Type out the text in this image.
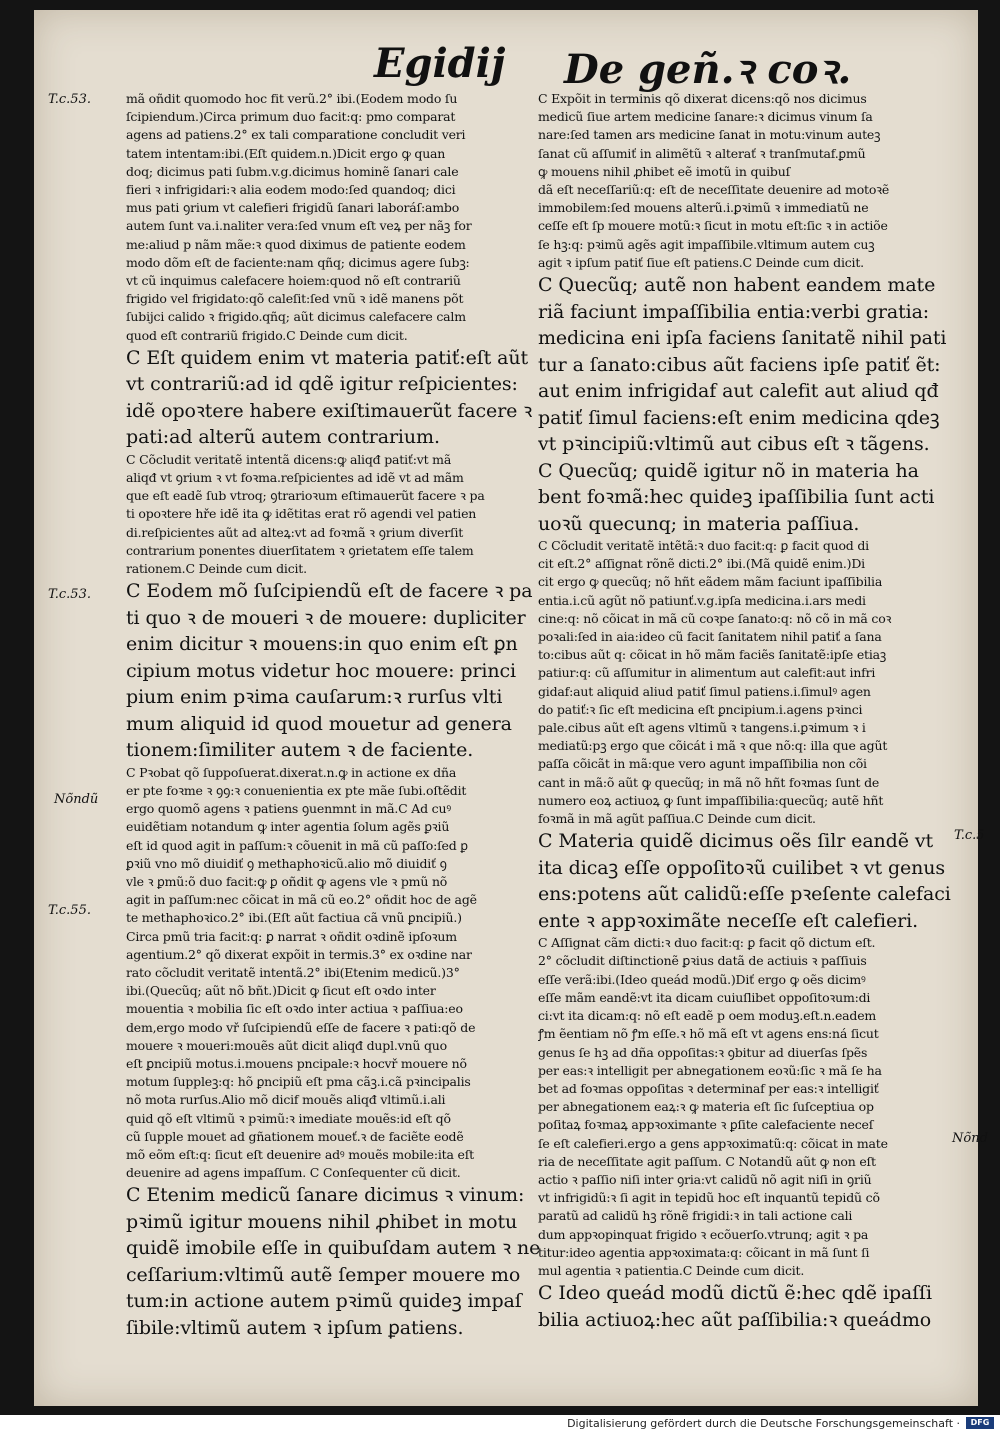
Egidij De geñ.ꝛ coꝛ.
T.c.53.
T.c.53.
Nõndũ
T.c.55.
T.c.5
Nõnd
mã oñdit quomodo hoc fit verũ.2° ibi.(Eodem modo ſu
ſcipiendum.)Circa primum duo facit:q: pmo comparat
agens ad patiens.2° ex tali comparatione concludit veri
tatem intentam:ibi.(Eſt quidem.n.)Dicit ergo ꝙ quan
doq; dicimus pati ſubm.v.g.dicimus hominẽ ſanari cale
fieri ꝛ infrigidari:ꝛ alia eodem modo:ſed quandoq; dici
mus pati ꝯrium vt calefieri frigidũ ſanari laboráſ:ambo
autem ſunt va.i.naliter vera:ſed vnum eſt veꝝ per nãꝫ for
me:aliud p nãm mãe:ꝛ quod diximus de patiente eodem
modo dõm eſt de faciente:nam qñq; dicimus agere ſubꝫ:
vt cũ inquimus calefacere hoiem:quod nõ eſt contrariũ
frigido vel frigidato:qõ caleſit:ſed vnũ ꝛ idẽ manens põt
ſubijci calido ꝛ frigido.qñq; aũt dicimus calefacere calm
quod eſt contrariũ frigido.C Deinde cum dicit.
C Eſt quidem enim vt materia patiť:eſt aũt
vt contrariũ:ad id qdẽ igitur reſpicientes:
idẽ opoꝛtere habere exiſtimauerũt facere ꝛ
pati:ad alterũ autem contrarium.
C Cõcludit veritatẽ intentã dicens:ꝙ aliqđ patiť:vt mã
aliqđ vt ꝯrium ꝛ vt foꝛma.reſpicientes ad idẽ vt ad mãm
que eſt eadẽ ſub vtroq; ꝯtrarioꝛum eſtimauerũt facere ꝛ pa
ti opoꝛtere hře idẽ ita ꝙ idẽtitas erat rõ agendi vel patien
di.reſpicientes aũt ad alteꝝ:vt ad foꝛmã ꝛ ꝯrium diverſit
contrarium ponentes diuerſitatem ꝛ ꝯrietatem eſſe talem
rationem.C Deinde cum dicit.
C Eodem mõ ſuſcipiendũ eſt de facere ꝛ pa
ti quo ꝛ de moueri ꝛ de mouere: dupliciter
enim dicitur ꝛ mouens:in quo enim eſt ꝑn
cipium motus videtur hoc mouere: princi
pium enim pꝛima cauſarum:ꝛ rurſus vlti
mum aliquid id quod mouetur ad genera
tionem:ſimiliter autem ꝛ de faciente.
C Pꝛobat qõ ſuppoſuerat.dixerat.n.ꝙ in actione ex dña
er pte foꝛme ꝛ ꝯꝯ:ꝛ conuenientia ex pte mãe ſubi.oſtẽdit
ergo quomõ agens ꝛ patiens ꝯuenmnt in mã.C Ad cuꝰ
euidẽtiam notandum ꝙ inter agentia ſolum agẽs ꝑꝛiũ
eſt id quod agit in paſſum:ꝛ cõuenit in mã cũ paſſo:ſed ꝑ
ꝑꝛiũ vno mõ diuidiť ꝯ methaphoꝛicũ.alio mõ diuidiť ꝯ
vle ꝛ ꝑmũ:õ duo facit:ꝙ ꝑ oñdit ꝙ agens vle ꝛ pmũ nõ
agit in paſſum:nec cõicat in mã cũ eo.2° oñdit hoc de agẽ
te methaphoꝛico.2° ibi.(Eſt aũt factiua cã vnũ ꝑncipiũ.)
Circa pmũ tria facit:q: ꝑ narrat ꝛ oñdit oꝛdinẽ ipſoꝛum
agentium.2° qõ dixerat expõit in termis.3° ex oꝛdine nar
rato cõcludit veritatẽ intentã.2° ibi(Etenim medicũ.)3°
ibi.(Quecũq; aũt nõ bñt.)Dicit ꝙ ſicut eſt oꝛdo inter
mouentia ꝛ mobilia ſic eſt oꝛdo inter actiua ꝛ paſſiua:eo
dem,ergo modo vř ſuſcipiendũ eſſe de facere ꝛ pati:qõ de
mouere ꝛ moueri:mouẽs aũt dicit aliqđ dupl.vnũ quo
eſt ꝑncipiũ motus.i.mouens pncipale:ꝛ hocvř mouere nõ
motum ſuppleꝫ:q: hõ ꝑncipiũ eſt pma cãꝫ.i.cã pꝛincipalis
nõ mota rurſus.Alio mõ dicif mouẽs aliqđ vltimũ.i.ali
quid qõ eſt vltimũ ꝛ pꝛimũ:ꝛ imediate mouẽs:id eſt qõ
cũ ſupple mouet ad gñationem moueť.ꝛ de faciẽte eodẽ
mõ eõm eſt:q: ſicut eſt deuenire adꝰ mouẽs mobile:ita eſt
deuenire ad agens impaſſum. C Conſequenter cũ dicit.
C Etenim medicũ ſanare dicimus ꝛ vinum:
pꝛimũ igitur mouens nihil ꝓhibet in motu
quidẽ imobile eſſe in quibuſdam autem ꝛ ne
ceſſarium:vltimũ autẽ ſemper mouere mo
tum:in actione autem pꝛimũ quideꝫ impaſ
ſibile:vltimũ autem ꝛ ipſum ꝑatiens.
C Expõit in terminis qõ dixerat dicens:qõ nos dicimus
medicũ ſiue artem medicine ſanare:ꝛ dicimus vinum ſa
nare:ſed tamen ars medicine ſanat in motu:vinum auteꝫ
ſanat cũ aſſumiť in alimẽtũ ꝛ alterať ꝛ tranſmutaf.ꝑmũ
ꝙ mouens nihil ꝓhibet eẽ imotũ in quibuſ
dã eſt neceſſariũ:q: eſt de neceſſitate deuenire ad motoꝛẽ
immobilem:ſed mouens alterũ.i.ꝑꝛimũ ꝛ immediatũ ne
ceſſe eſt ſp mouere motũ:ꝛ ſicut in motu eſt:ſic ꝛ in actiõe
ſe hꝫ:q: pꝛimũ agẽs agit impaſſibile.vltimum autem cuꝫ
agit ꝛ ipſum patiť ſiue eſt patiens.C Deinde cum dicit.
C Quecũq; autẽ non habent eandem mate
riã faciunt impaſſibilia entia:verbi gratia:
medicina eni ipſa faciens ſanitatẽ nihil pati
tur a ſanato:cibus aũt faciens ipſe patiť ẽt:
aut enim infrigidaf aut calefit aut aliud qđ
patiť ſimul faciens:eſt enim medicina qdeꝫ
vt pꝛincipiũ:vltimũ aut cibus eſt ꝛ tãgens.
C Quecũq; quidẽ igitur nõ in materia ha
bent foꝛmã:hec quideꝫ ipaſſibilia ſunt acti
uoꝛũ quecunq; in materia paſſiua.
C Cõcludit veritatẽ intẽtã:ꝛ duo facit:q: ꝑ facit quod di
cit eſt.2° aſſignat rõnẽ dicti.2° ibi.(Mã quidẽ enim.)Di
cit ergo ꝙ quecũq; nõ hñt eãdem mãm faciunt ipaſſibilia
entia.i.cũ agũt nõ patiunť.v.g.ipſa medicina.i.ars medi
cine:q: nõ cõicat in mã cũ coꝛpe ſanato:q: nõ cõ in mã coꝛ
poꝛali:ſed in aia:ideo cũ facit ſanitatem nihil patiť a ſana
to:cibus aũt q: cõicat in hõ mãm faciẽs ſanitatẽ:ipſe etiaꝫ
patiur:q: cũ aſſumitur in alimentum aut calefit:aut infri
gidaf:aut aliquid aliud patiť ſimul patiens.i.ſimulꝰ agen
do patiť:ꝛ ſic eſt medicina eſt ꝑncipium.i.agens pꝛinci
pale.cibus aũt eſt agens vltimũ ꝛ tangens.i.ꝑꝛimum ꝛ i
mediatũ:pꝫ ergo que cõicát i mã ꝛ que nõ:q: illa que agũt
paſſa cõicãt in mã:que vero agunt impaſſibilia non cõi
cant in mã:õ aũt ꝙ quecũq; in mã nõ hñt foꝛmas ſunt de
numero eoꝝ actiuoꝝ ꝙ ſunt impaſſibilia:quecũq; autẽ hñt
foꝛmã in mã agũt paſſiua.C Deinde cum dicit.
C Materia quidẽ dicimus oẽs ſilr eandẽ vt
ita dicaꝫ eſſe oppoſitoꝛũ cuilibet ꝛ vt genus
ens:potens aũt calidũ:eſſe pꝛeſente calefaci
ente ꝛ appꝛoximãte neceſſe eſt calefieri.
C Aſſignat cãm dicti:ꝛ duo facit:q: ꝑ facit qõ dictum eſt.
2° cõcludit diſtinctionẽ ꝑꝛius datã de actiuis ꝛ paſſiuis
eſſe verã:ibi.(Ideo queád modũ.)Diť ergo ꝙ oẽs dicimꝰ
eſſe mãm eandẽ:vt ita dicam cuiuſlibet oppoſitoꝛum:di
ci:vt ita dicam:q: nõ eſt eadẽ p oem moduꝫ.eſt.n.eadem
ꝭm ẽentiam nõ ꝭm eſſe.ꝛ hõ mã eſt vt agens ens:ná ſicut
genus ſe hꝫ ad dña oppoſitas:ꝛ ꝯbitur ad diuerſas ſpẽs
per eas:ꝛ intelligit per abnegationem eoꝛũ:ſic ꝛ mã ſe ha
bet ad foꝛmas oppoſitas ꝛ determinaf per eas:ꝛ intelligiť
per abnegationem eaꝝ:ꝛ ꝙ materia eſt ſic ſuſceptiua op
poſitaꝝ foꝛmaꝝ appꝛoximante ꝛ ꝑſite calefaciente neceſ
ſe eſt calefieri.ergo a gens appꝛoximatũ:q: cõicat in mate
ria de neceſſitate agit paſſum. C Notandũ aũt ꝙ non eſt
actio ꝛ paſſio niſi inter ꝯria:vt calidũ nõ agit niſi in ꝯriũ
vt infrigidũ:ꝛ ſi agit in tepidũ hoc eſt inquantũ tepidũ cõ
paratũ ad calidũ hꝫ rõnẽ frigidi:ꝛ in tali actione cali
dum appꝛopinquat frigido ꝛ ecõuerſo.vtrunq; agit ꝛ pa
titur:ideo agentia appꝛoximata:q: cõicant in mã ſunt ſi
mul agentia ꝛ patientia.C Deinde cum dicit.
C Ideo queád modũ dictũ ẽ:hec qdẽ ipaſſi
bilia actiuoꝝ:hec aũt paſſibilia:ꝛ queádmo
Digitalisierung gefördert durch die Deutsche Forschungsgemeinschaft ·	DFG
